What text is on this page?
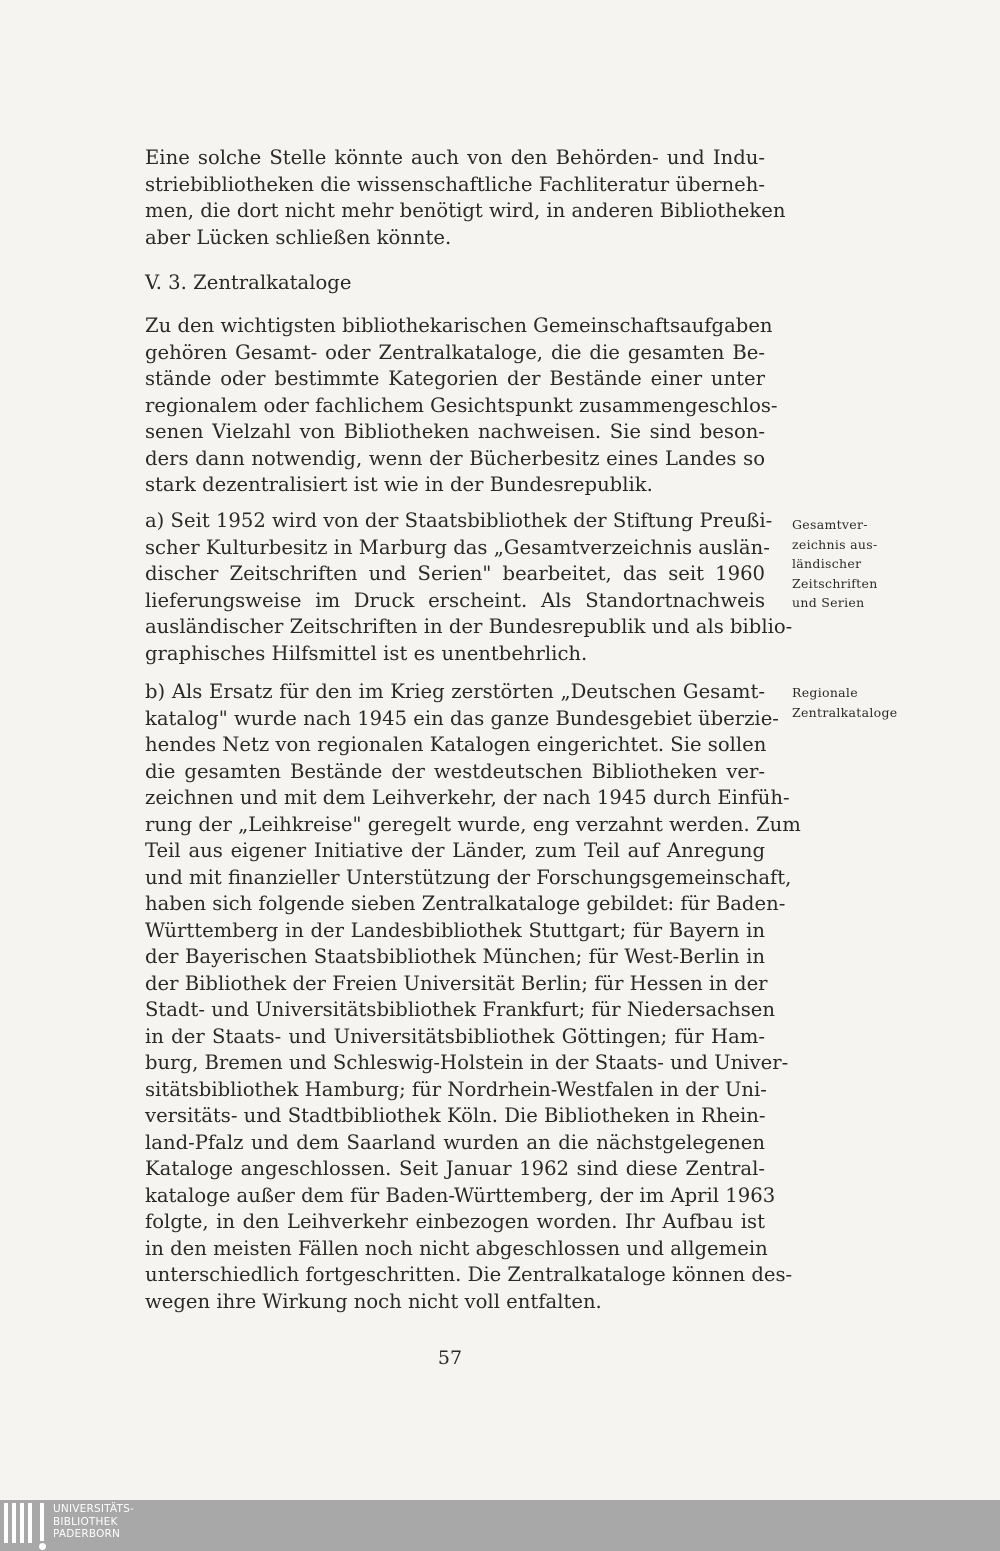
Eine solche Stelle könnte auch von den Behörden- und Indu-
striebibliotheken die wissenschaftliche Fachliteratur überneh-
men, die dort nicht mehr benötigt wird, in anderen Bibliotheken
aber Lücken schließen könnte.
V. 3. Zentralkataloge
Zu den wichtigsten bibliothekarischen Gemeinschaftsaufgaben
gehören Gesamt- oder Zentralkataloge, die die gesamten Be-
stände oder bestimmte Kategorien der Bestände einer unter
regionalem oder fachlichem Gesichtspunkt zusammengeschlos-
senen Vielzahl von Bibliotheken nachweisen. Sie sind beson-
ders dann notwendig, wenn der Bücherbesitz eines Landes so
stark dezentralisiert ist wie in der Bundesrepublik.
a) Seit 1952 wird von der Staatsbibliothek der Stiftung Preußi-
scher Kulturbesitz in Marburg das „Gesamtverzeichnis auslän-
discher Zeitschriften und Serien" bearbeitet, das seit 1960
lieferungsweise im Druck erscheint. Als Standortnachweis
ausländischer Zeitschriften in der Bundesrepublik und als biblio-
graphisches Hilfsmittel ist es unentbehrlich.
Gesamtver-
zeichnis aus-
ländischer
Zeitschriften
und Serien
b) Als Ersatz für den im Krieg zerstörten „Deutschen Gesamt-
katalog" wurde nach 1945 ein das ganze Bundesgebiet überzie-
hendes Netz von regionalen Katalogen eingerichtet. Sie sollen
die gesamten Bestände der westdeutschen Bibliotheken ver-
zeichnen und mit dem Leihverkehr, der nach 1945 durch Einfüh-
rung der „Leihkreise" geregelt wurde, eng verzahnt werden. Zum
Teil aus eigener Initiative der Länder, zum Teil auf Anregung
und mit finanzieller Unterstützung der Forschungsgemeinschaft,
haben sich folgende sieben Zentralkataloge gebildet: für Baden-
Württemberg in der Landesbibliothek Stuttgart; für Bayern in
der Bayerischen Staatsbibliothek München; für West-Berlin in
der Bibliothek der Freien Universität Berlin; für Hessen in der
Stadt- und Universitätsbibliothek Frankfurt; für Niedersachsen
in der Staats- und Universitätsbibliothek Göttingen; für Ham-
burg, Bremen und Schleswig-Holstein in der Staats- und Univer-
sitätsbibliothek Hamburg; für Nordrhein-Westfalen in der Uni-
versitäts- und Stadtbibliothek Köln. Die Bibliotheken in Rhein-
land-Pfalz und dem Saarland wurden an die nächstgelegenen
Kataloge angeschlossen. Seit Januar 1962 sind diese Zentral-
kataloge außer dem für Baden-Württemberg, der im April 1963
folgte, in den Leihverkehr einbezogen worden. Ihr Aufbau ist
in den meisten Fällen noch nicht abgeschlossen und allgemein
unterschiedlich fortgeschritten. Die Zentralkataloge können des-
wegen ihre Wirkung noch nicht voll entfalten.
Regionale
Zentralkataloge
57
UNIVERSITÄTS-
BIBLIOTHEK
PADERBORN
